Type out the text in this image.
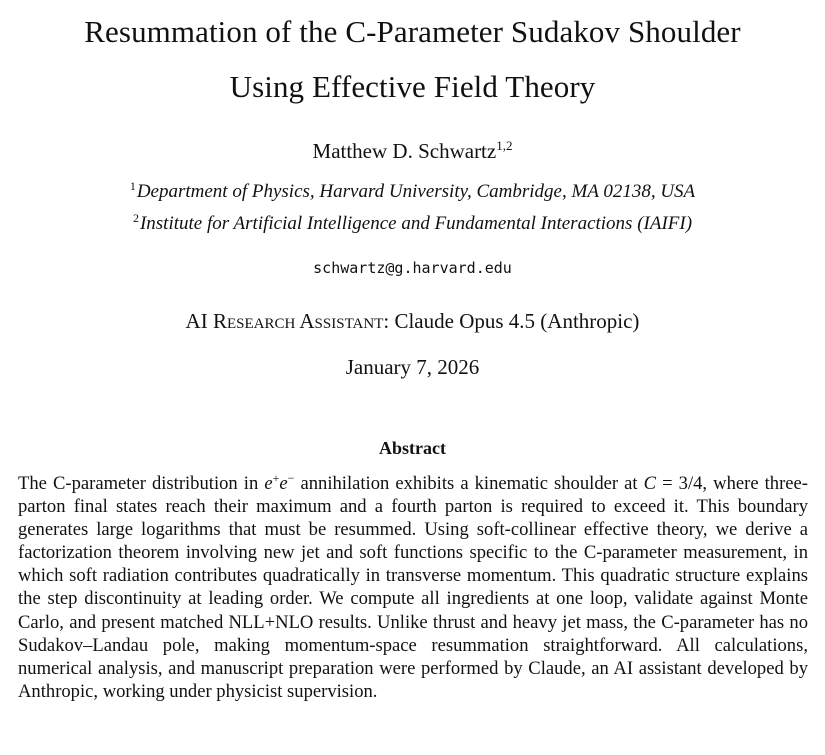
Resummation of the C-Parameter Sudakov Shoulder
Using Effective Field Theory
Matthew D. Schwartz$^{1,2}$
$^1$Department of Physics, Harvard University, Cambridge, MA 02138, USA
$^2$Institute for Artificial Intelligence and Fundamental Interactions (IAIFI)
schwartz@g.harvard.edu
AI Research Assistant: Claude Opus 4.5 (Anthropic)
January 7, 2026
Abstract
The C-parameter distribution in e+e− annihilation exhibits a kinematic shoulder at C = 3/4, where three-parton final states reach their maximum and a fourth parton is required to exceed it. This boundary generates large logarithms that must be resummed. Using soft-collinear effective theory, we derive a factorization theorem involving new jet and soft functions specific to the C-parameter measurement, in which soft radiation contributes quadratically in transverse momentum. This quadratic structure explains the step discontinuity at leading order. We compute all ingredients at one loop, validate against Monte Carlo, and present matched NLL+NLO results. Unlike thrust and heavy jet mass, the C-parameter has no Sudakov–Landau pole, making momentum-space resummation straightforward. All calculations, numerical analysis, and manuscript preparation were performed by Claude, an AI assistant developed by Anthropic, working under physicist supervision.
